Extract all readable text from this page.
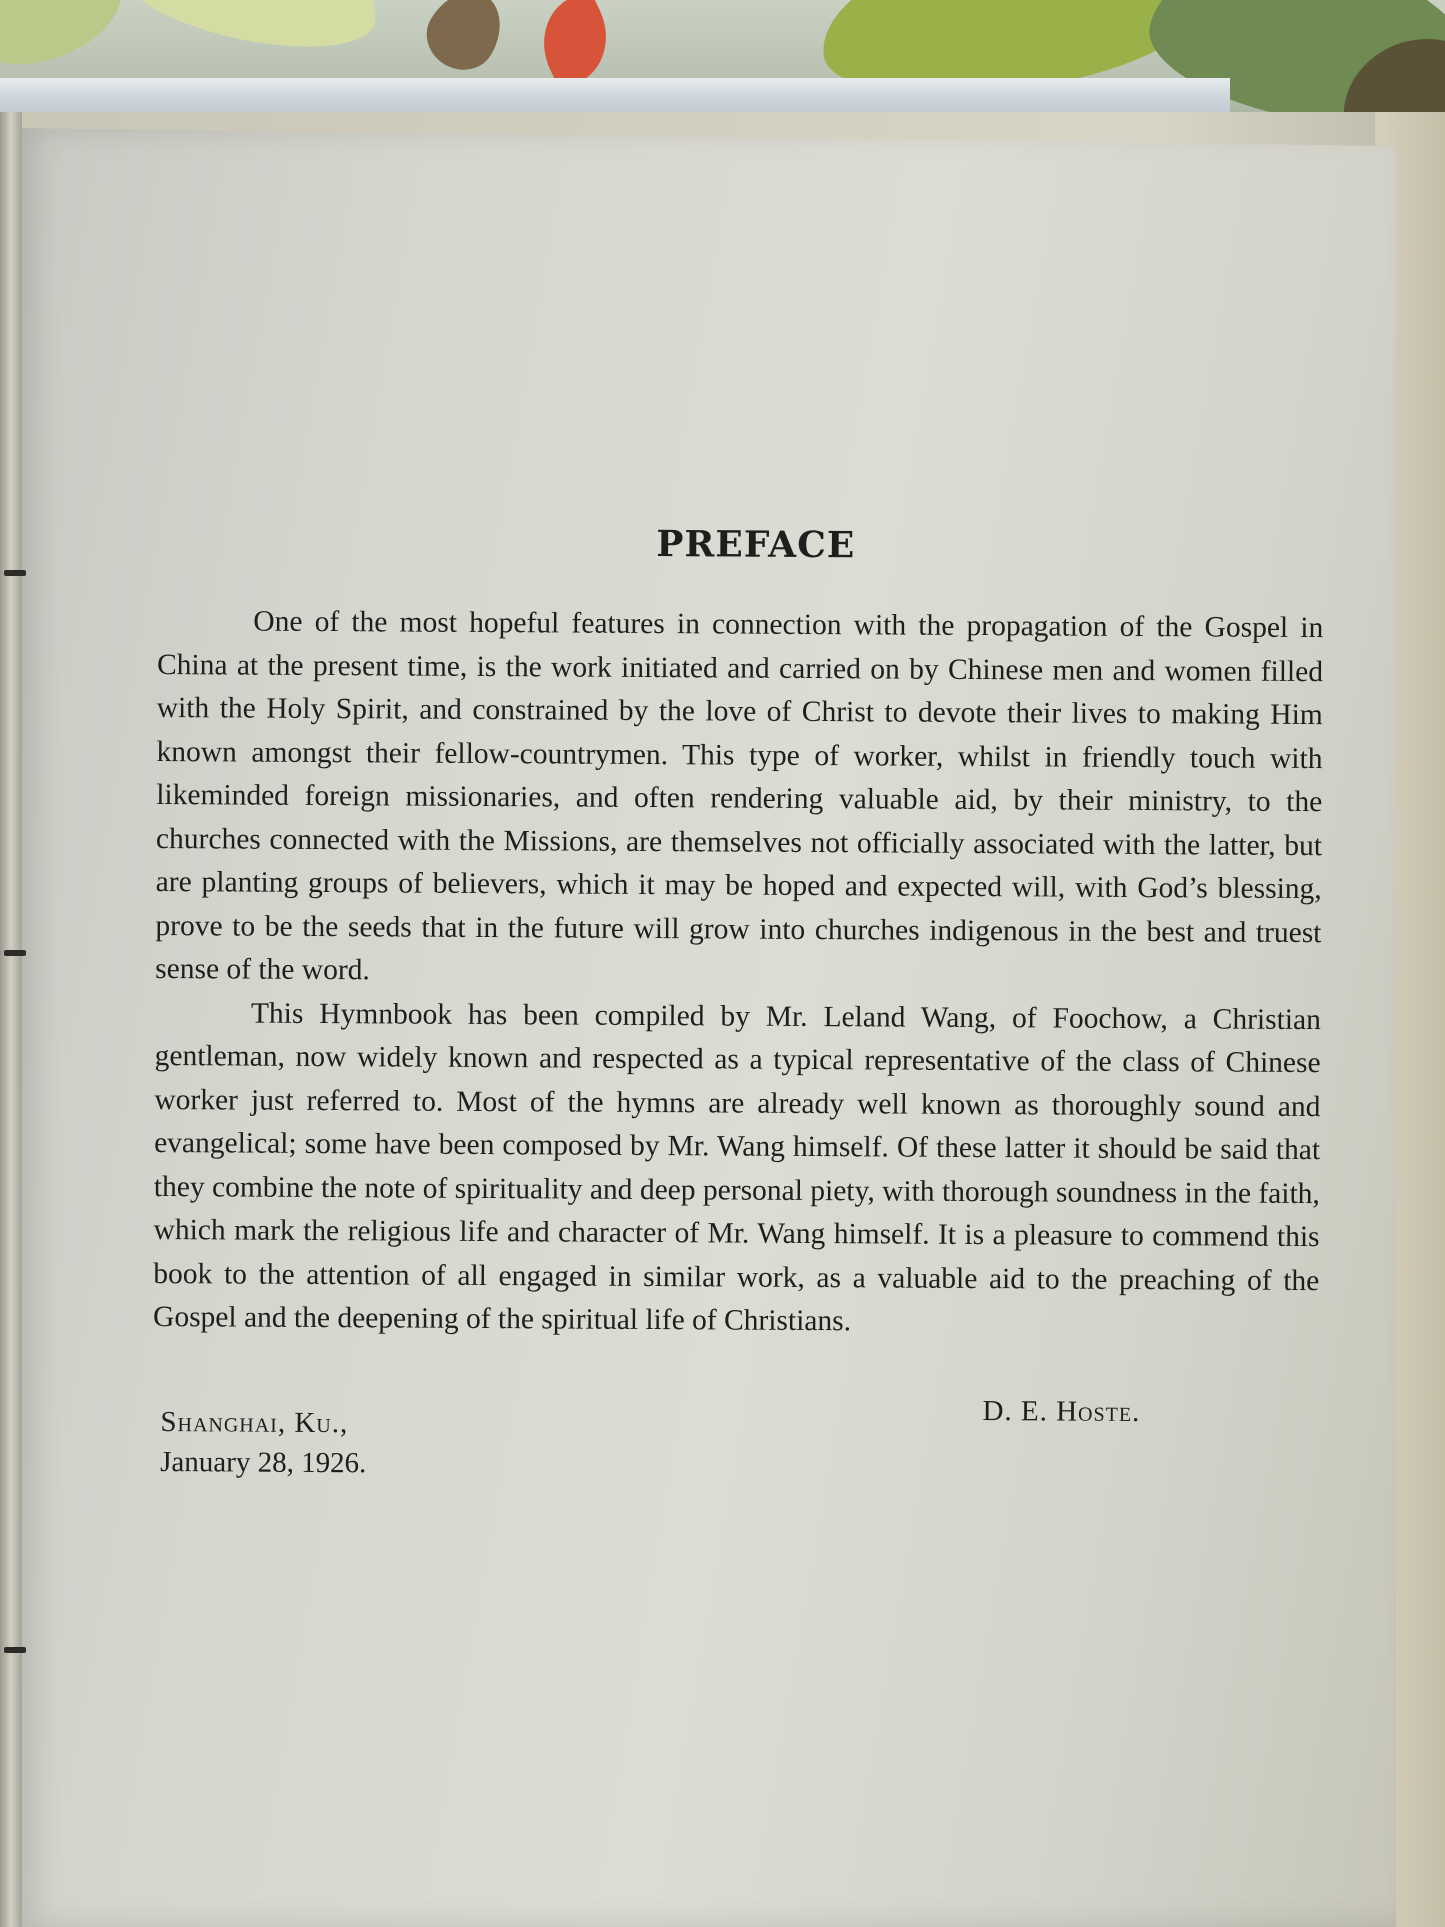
PREFACE

One of the most hopeful features in connection with the propagation of the Gospel in China at the present time, is the work initiated and carried on by Chinese men and women filled with the Holy Spirit, and constrained by the love of Christ to devote their lives to making Him known amongst their fellow-countrymen. This type of worker, whilst in friendly touch with likeminded foreign missionaries, and often rendering valuable aid, by their ministry, to the churches connected with the Missions, are themselves not officially associated with the latter, but are planting groups of believers, which it may be hoped and expected will, with God’s blessing, prove to be the seeds that in the future will grow into churches indigenous in the best and truest sense of the word.

This Hymnbook has been compiled by Mr. Leland Wang, of Foochow, a Christian gentleman, now widely known and respected as a typical representative of the class of Chinese worker just referred to. Most of the hymns are already well known as thoroughly sound and evangelical; some have been composed by Mr. Wang himself. Of these latter it should be said that they combine the note of spirituality and deep personal piety, with thorough soundness in the faith, which mark the religious life and character of Mr. Wang himself. It is a pleasure to commend this book to the attention of all engaged in similar work, as a valuable aid to the preaching of the Gospel and the deepening of the spiritual life of Christians.

D. E. Hoste.
Shanghai, Ku.,
January 28, 1926.
